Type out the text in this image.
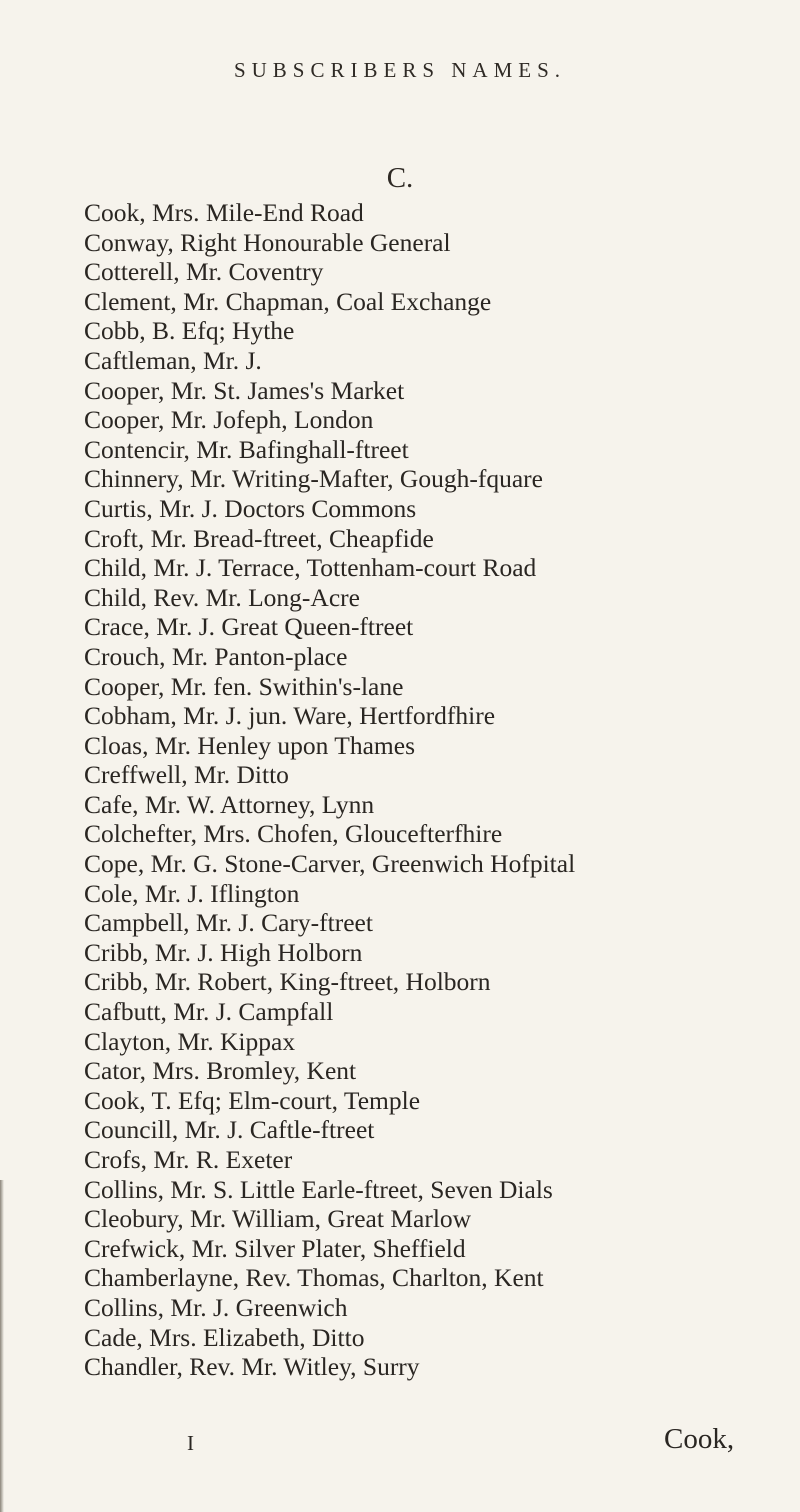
SUBSCRIBERS NAMES.
C.
Cook, Mrs. Mile-End Road
Conway, Right Honourable General
Cotterell, Mr. Coventry
Clement, Mr. Chapman, Coal Exchange
Cobb, B. Efq; Hythe
Caftleman, Mr. J.
Cooper, Mr. St. James's Market
Cooper, Mr. Jofeph, London
Contencir, Mr. Bafinghall-ftreet
Chinnery, Mr. Writing-Mafter, Gough-fquare
Curtis, Mr. J. Doctors Commons
Croft, Mr. Bread-ftreet, Cheapfide
Child, Mr. J. Terrace, Tottenham-court Road
Child, Rev. Mr. Long-Acre
Crace, Mr. J. Great Queen-ftreet
Crouch, Mr. Panton-place
Cooper, Mr. fen. Swithin's-lane
Cobham, Mr. J. jun. Ware, Hertfordfhire
Cloas, Mr. Henley upon Thames
Creffwell, Mr. Ditto
Cafe, Mr. W. Attorney, Lynn
Colchefter, Mrs. Chofen, Gloucefterfhire
Cope, Mr. G. Stone-Carver, Greenwich Hofpital
Cole, Mr. J. Iflington
Campbell, Mr. J. Cary-ftreet
Cribb, Mr. J. High Holborn
Cribb, Mr. Robert, King-ftreet, Holborn
Cafbutt, Mr. J. Campfall
Clayton, Mr. Kippax
Cator, Mrs. Bromley, Kent
Cook, T. Efq; Elm-court, Temple
Councill, Mr. J. Caftle-ftreet
Crofs, Mr. R. Exeter
Collins, Mr. S. Little Earle-ftreet, Seven Dials
Cleobury, Mr. William, Great Marlow
Crefwick, Mr. Silver Plater, Sheffield
Chamberlayne, Rev. Thomas, Charlton, Kent
Collins, Mr. J. Greenwich
Cade, Mrs. Elizabeth, Ditto
Chandler, Rev. Mr. Witley, Surry
I	Cook,
